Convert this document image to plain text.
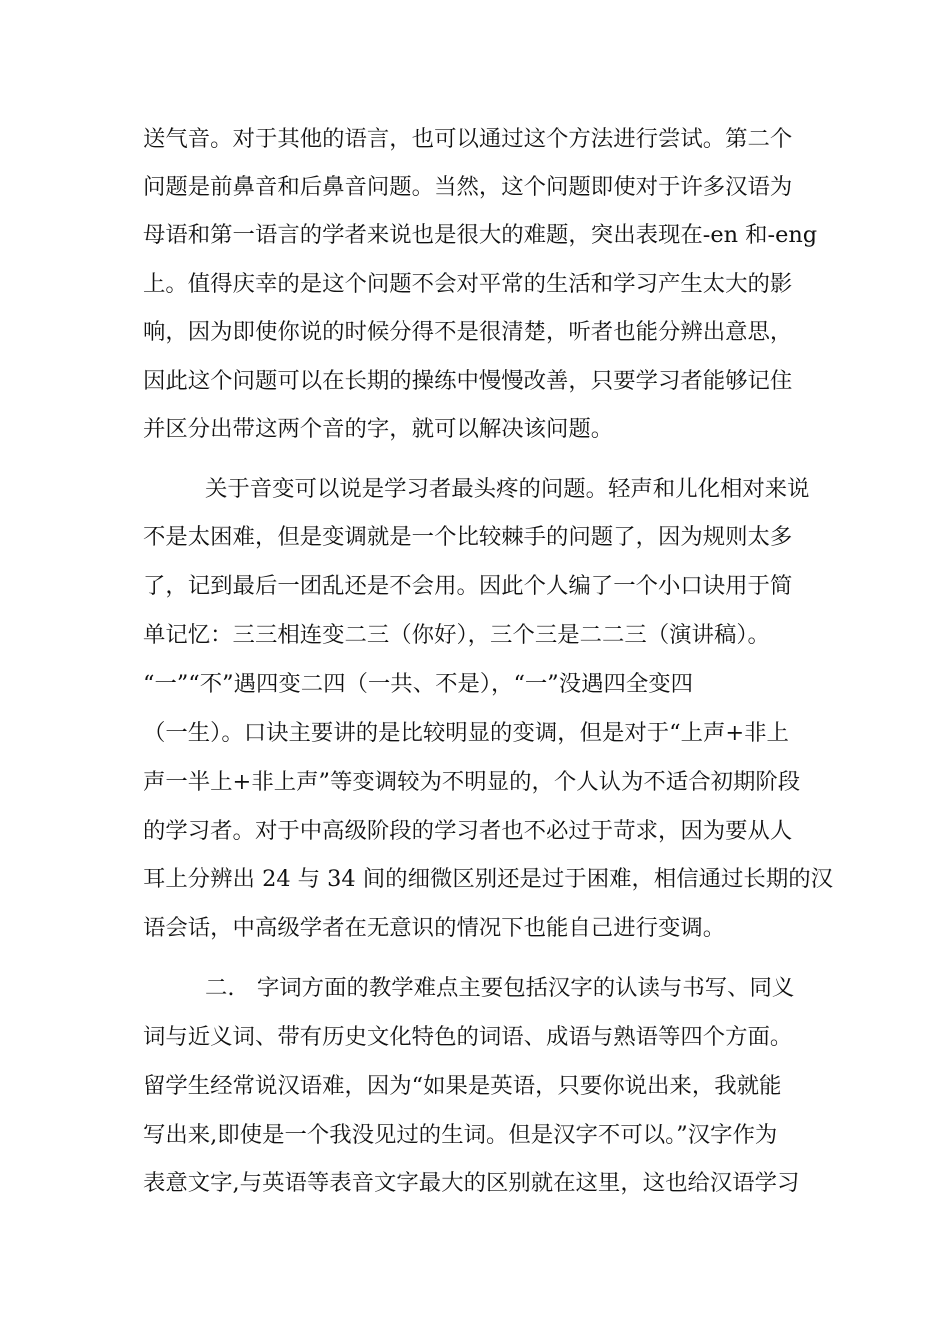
送气音。对于其他的语言，也可以通过这个方法进行尝试。第二个
问题是前鼻音和后鼻音问题。当然，这个问题即使对于许多汉语为
母语和第一语言的学者来说也是很大的难题，突出表现在-en 和-eng
上。值得庆幸的是这个问题不会对平常的生活和学习产生太大的影
响，因为即使你说的时候分得不是很清楚，听者也能分辨出意思，
因此这个问题可以在长期的操练中慢慢改善，只要学习者能够记住
并区分出带这两个音的字，就可以解决该问题。
关于音变可以说是学习者最头疼的问题。轻声和儿化相对来说
不是太困难，但是变调就是一个比较棘手的问题了，因为规则太多
了，记到最后一团乱还是不会用。因此个人编了一个小口诀用于简
单记忆：三三相连变二三（你好），三个三是二二三（演讲稿）。
“一”“不”遇四变二四（一共、不是），“一”没遇四全变四
（一生）。口诀主要讲的是比较明显的变调，但是对于“上声+非上
声一半上+非上声”等变调较为不明显的，个人认为不适合初期阶段
的学习者。对于中高级阶段的学习者也不必过于苛求，因为要从人
耳上分辨出 24 与 34 间的细微区别还是过于困难，相信通过长期的汉
语会话，中高级学者在无意识的情况下也能自己进行变调。
二.　字词方面的教学难点主要包括汉字的认读与书写、同义
词与近义词、带有历史文化特色的词语、成语与熟语等四个方面。
留学生经常说汉语难，因为“如果是英语，只要你说出来，我就能
写出来,即使是一个我没见过的生词。但是汉字不可以。”汉字作为
表意文字,与英语等表音文字最大的区别就在这里，这也给汉语学习
